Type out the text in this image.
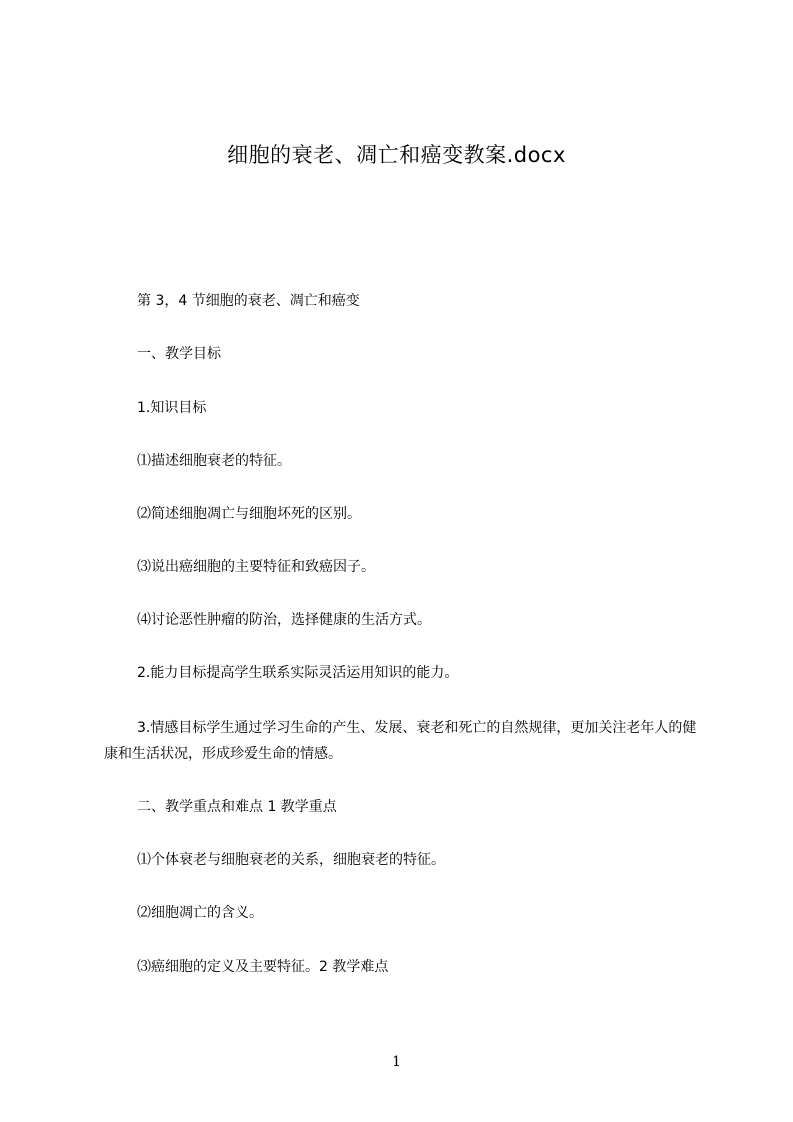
细胞的衰老、凋亡和癌变教案.docx
第 3，4 节细胞的衰老、凋亡和癌变
一、教学目标
1.知识目标
⑴描述细胞衰老的特征。
⑵简述细胞凋亡与细胞坏死的区别。
⑶说出癌细胞的主要特征和致癌因子。
⑷讨论恶性肿瘤的防治，选择健康的生活方式。
2.能力目标提高学生联系实际灵活运用知识的能力。
3.情感目标学生通过学习生命的产生、发展、衰老和死亡的自然规律，更加关注老年人的健康和生活状况，形成珍爱生命的情感。
二、教学重点和难点 1 教学重点
⑴个体衰老与细胞衰老的关系，细胞衰老的特征。
⑵细胞凋亡的含义。
⑶癌细胞的定义及主要特征。2 教学难点
1
